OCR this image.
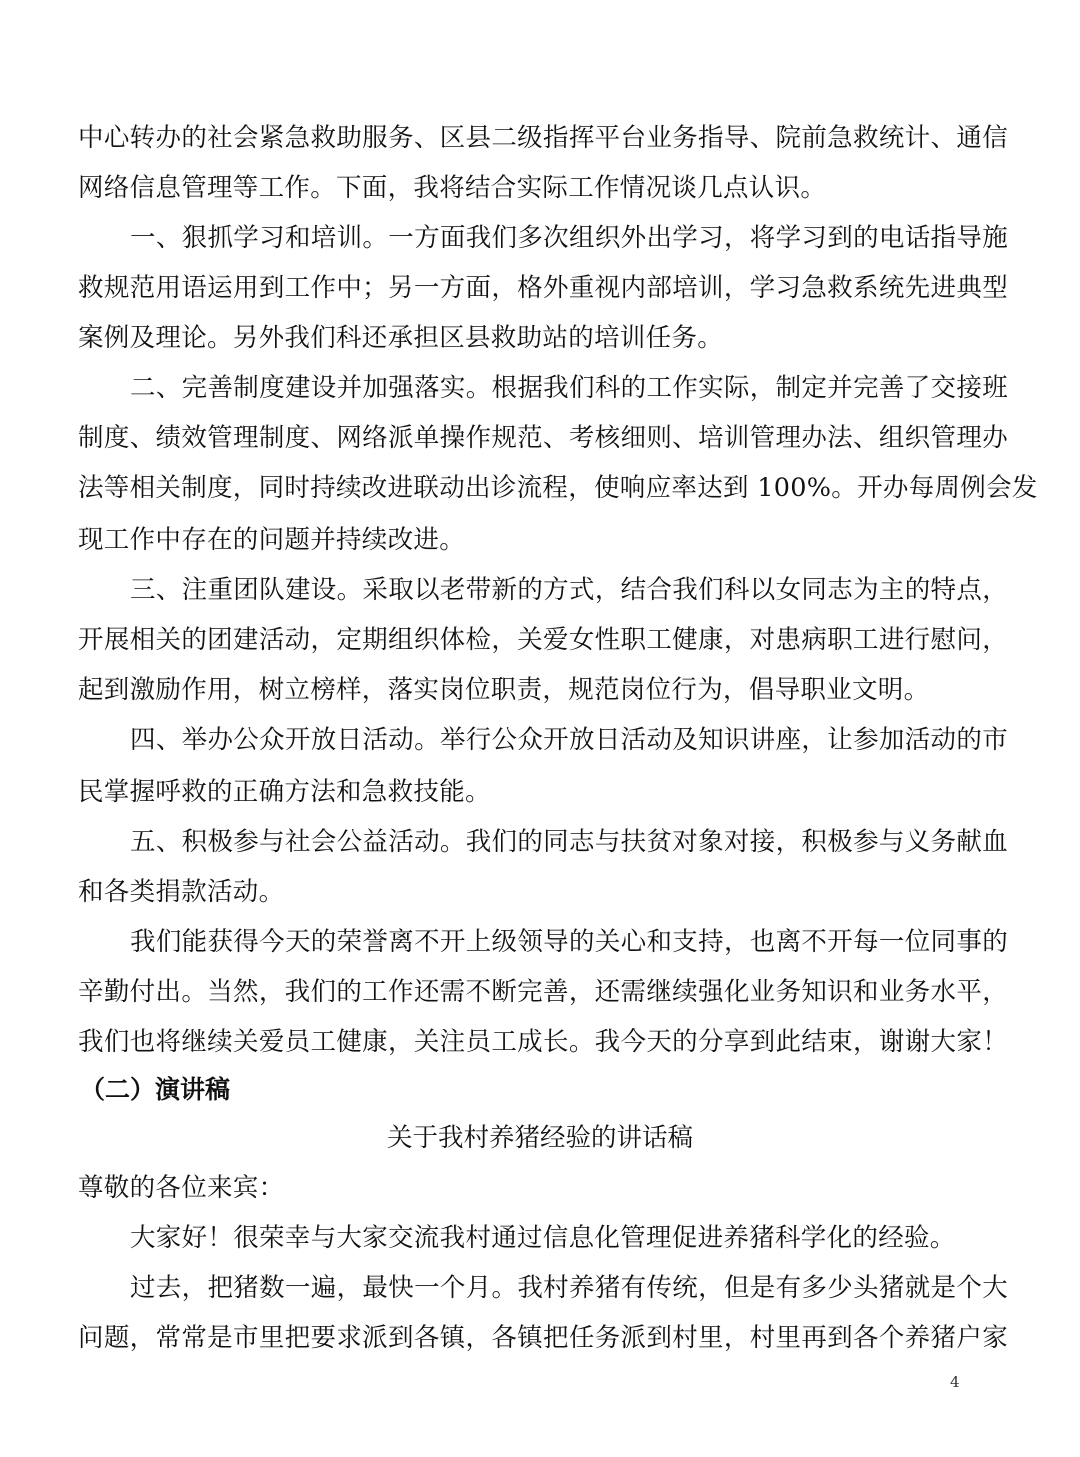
中心转办的社会紧急救助服务、区县二级指挥平台业务指导、院前急救统计、通信
网络信息管理等工作。下面，我将结合实际工作情况谈几点认识。
一、狠抓学习和培训。一方面我们多次组织外出学习，将学习到的电话指导施
救规范用语运用到工作中；另一方面，格外重视内部培训，学习急救系统先进典型
案例及理论。另外我们科还承担区县救助站的培训任务。
二、完善制度建设并加强落实。根据我们科的工作实际，制定并完善了交接班
制度、绩效管理制度、网络派单操作规范、考核细则、培训管理办法、组织管理办
法等相关制度，同时持续改进联动出诊流程，使响应率达到 100%。开办每周例会发
现工作中存在的问题并持续改进。
三、注重团队建设。采取以老带新的方式，结合我们科以女同志为主的特点，
开展相关的团建活动，定期组织体检，关爱女性职工健康，对患病职工进行慰问，
起到激励作用，树立榜样，落实岗位职责，规范岗位行为，倡导职业文明。
四、举办公众开放日活动。举行公众开放日活动及知识讲座，让参加活动的市
民掌握呼救的正确方法和急救技能。
五、积极参与社会公益活动。我们的同志与扶贫对象对接，积极参与义务献血
和各类捐款活动。
我们能获得今天的荣誉离不开上级领导的关心和支持，也离不开每一位同事的
辛勤付出。当然，我们的工作还需不断完善，还需继续强化业务知识和业务水平，
我们也将继续关爱员工健康，关注员工成长。我今天的分享到此结束，谢谢大家！
（二）演讲稿
关于我村养猪经验的讲话稿
尊敬的各位来宾：
大家好！很荣幸与大家交流我村通过信息化管理促进养猪科学化的经验。
过去，把猪数一遍，最快一个月。我村养猪有传统，但是有多少头猪就是个大
问题，常常是市里把要求派到各镇，各镇把任务派到村里，村里再到各个养猪户家
4
